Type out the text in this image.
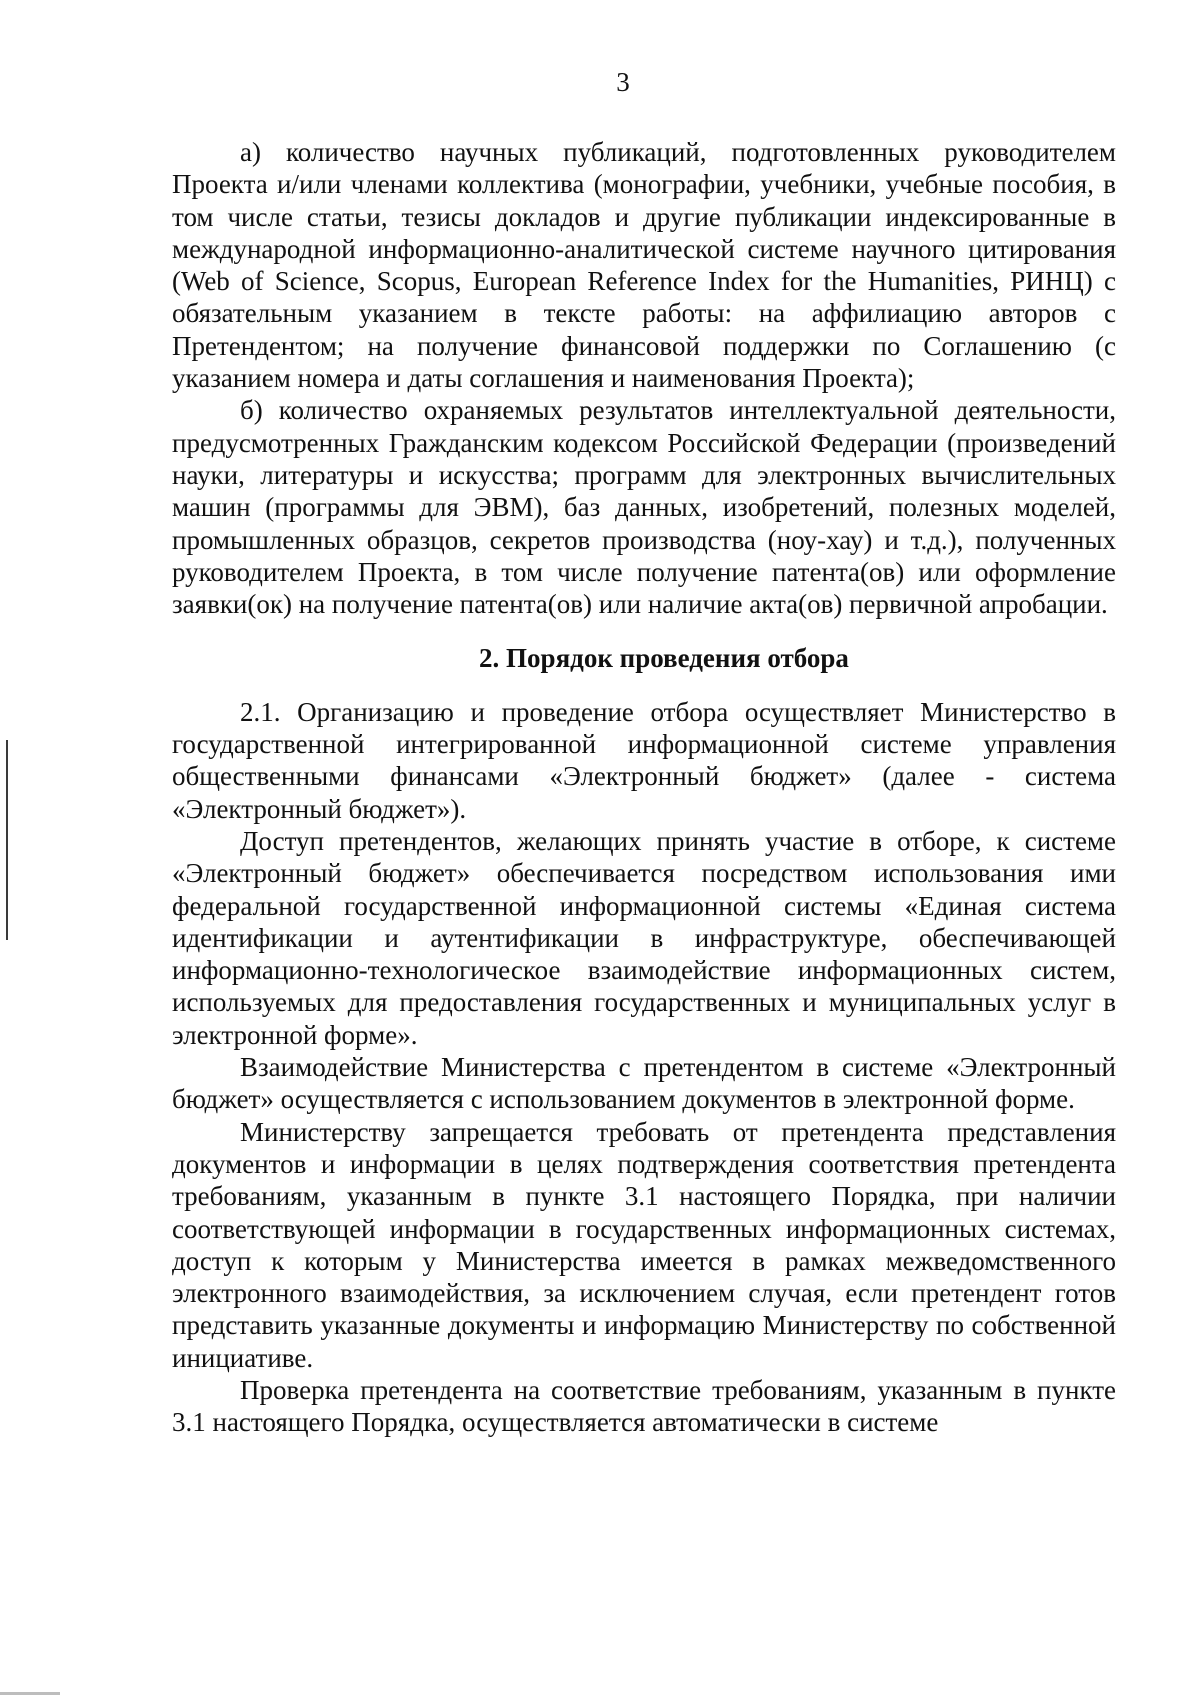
3

а) количество научных публикаций, подготовленных руководителем Проекта и/или членами коллектива (монографии, учебники, учебные пособия, в том числе статьи, тезисы докладов и другие публикации индексированные в международной информационно-аналитической системе научного цитирования (Web of Science, Scopus, European Reference Index for the Humanities, РИНЦ) с обязательным указанием в тексте работы: на аффилиацию авторов с Претендентом; на получение финансовой поддержки по Соглашению (с указанием номера и даты соглашения и наименования Проекта);

б) количество охраняемых результатов интеллектуальной деятельности, предусмотренных Гражданским кодексом Российской Федерации (произведений науки, литературы и искусства; программ для электронных вычислительных машин (программы для ЭВМ), баз данных, изобретений, полезных моделей, промышленных образцов, секретов производства (ноу-хау) и т.д.), полученных руководителем Проекта, в том числе получение патента(ов) или оформление заявки(ок) на получение патента(ов) или наличие акта(ов) первичной апробации.

2. Порядок проведения отбора

2.1. Организацию и проведение отбора осуществляет Министерство в государственной интегрированной информационной системе управления общественными финансами «Электронный бюджет» (далее - система «Электронный бюджет»).

Доступ претендентов, желающих принять участие в отборе, к системе «Электронный бюджет» обеспечивается посредством использования ими федеральной государственной информационной системы «Единая система идентификации и аутентификации в инфраструктуре, обеспечивающей информационно-технологическое взаимодействие информационных систем, используемых для предоставления государственных и муниципальных услуг в электронной форме».

Взаимодействие Министерства с претендентом в системе «Электронный бюджет» осуществляется с использованием документов в электронной форме.

Министерству запрещается требовать от претендента представления документов и информации в целях подтверждения соответствия претендента требованиям, указанным в пункте 3.1 настоящего Порядка, при наличии соответствующей информации в государственных информационных системах, доступ к которым у Министерства имеется в рамках межведомственного электронного взаимодействия, за исключением случая, если претендент готов представить указанные документы и информацию Министерству по собственной инициативе.

Проверка претендента на соответствие требованиям, указанным в пункте 3.1 настоящего Порядка, осуществляется автоматически в системе
